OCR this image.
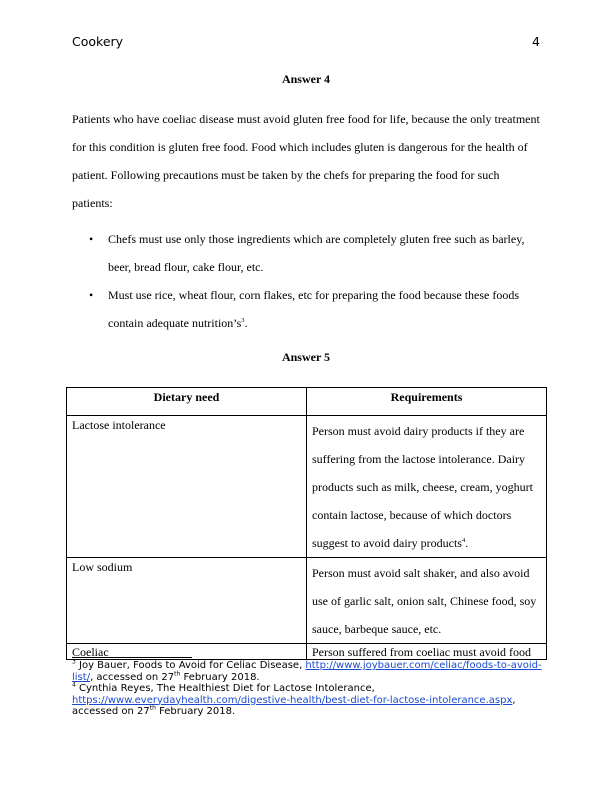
Cookery	4
Answer 4

Patients who have coeliac disease must avoid gluten free food for life, because the only treatment for this condition is gluten free food. Food which includes gluten is dangerous for the health of patient. Following precautions must be taken by the chefs for preparing the food for such patients:

• Chefs must use only those ingredients which are completely gluten free such as barley, beer, bread flour, cake flour, etc.
• Must use rice, wheat flour, corn flakes, etc for preparing the food because these foods contain adequate $nutrition’s^3$.
Answer 5
Dietary need	Requirements
Lactose intolerance	Person must avoid dairy products if they are suffering from the lactose intolerance. Dairy products such as milk, cheese, cream, yoghurt contain lactose, because of which doctors suggest to avoid dairy products$^4$.
Low sodium	Person must avoid salt shaker, and also avoid use of garlic salt, onion salt, Chinese food, soy sauce, barbeque sauce, etc.
Coeliac	Person suffered from coeliac must avoid food
$^3$ Joy Bauer, Foods to Avoid for Celiac Disease, http://www.joybauer.com/celiac/foods-to-avoid-list/, accessed on 27th February 2018.
$^4$ Cynthia Reyes, The Healthiest Diet for Lactose Intolerance, https://www.everydayhealth.com/digestive-health/best-diet-for-lactose-intolerance.aspx, accessed on 27th February 2018.
